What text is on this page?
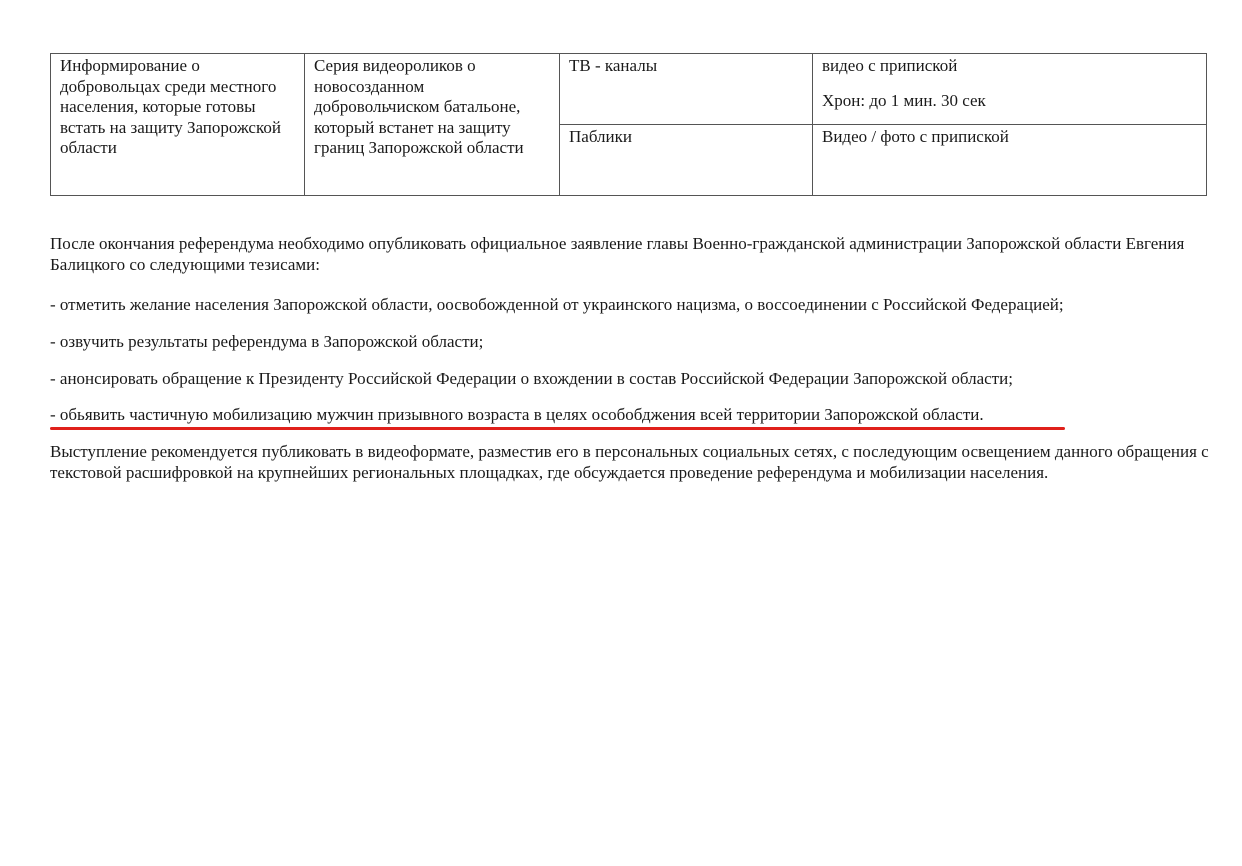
Информирование о добровольцах среди местного населения, которые готовы встать на защиту Запорожской области	Серия видеороликов о новосозданном добровольчиском батальоне, который встанет на защиту границ Запорожской области	ТВ - каналы	видео с припиской
Хрон: до 1 мин. 30 сек

		Паблики	Видео / фото с припиской

После окончания референдума необходимо опубликовать официальное заявление главы Военно-гражданской администрации Запорожской области Евгения Балицкого со следующими тезисами:

- отметить желание населения Запорожской области, оосвобожденной от украинского нацизма, о воссоединении с Российской Федерацией;

- озвучить результаты референдума в Запорожской области;

- анонсировать обращение к Президенту Российской Федерации о вхождении в состав Российской Федерации Запорожской области;

- обьявить частичную мобилизацию мужчин призывного возраста в целях особобджения всей территории Запорожской области.

Выступление рекомендуется публиковать в видеоформате, разместив его в персональных социальных сетях, с последующим освещением данного обращения с текстовой расшифровкой на крупнейших региональных площадках, где обсуждается проведение референдума и мобилизации населения.
